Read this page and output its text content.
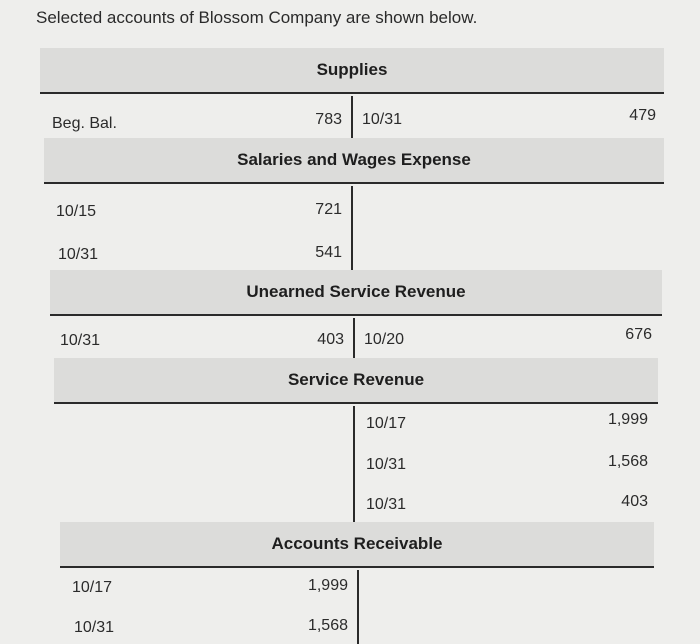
Selected accounts of Blossom Company are shown below.
Supplies
Beg. Bal.	783 10/31	479
Salaries and Wages Expense
10/15	721
10/31	541
Unearned Service Revenue
10/31	403 10/20	676
Service Revenue
10/17	1,999
10/31	1,568
10/31	403
Accounts Receivable
10/17	1,999
10/31	1,568
